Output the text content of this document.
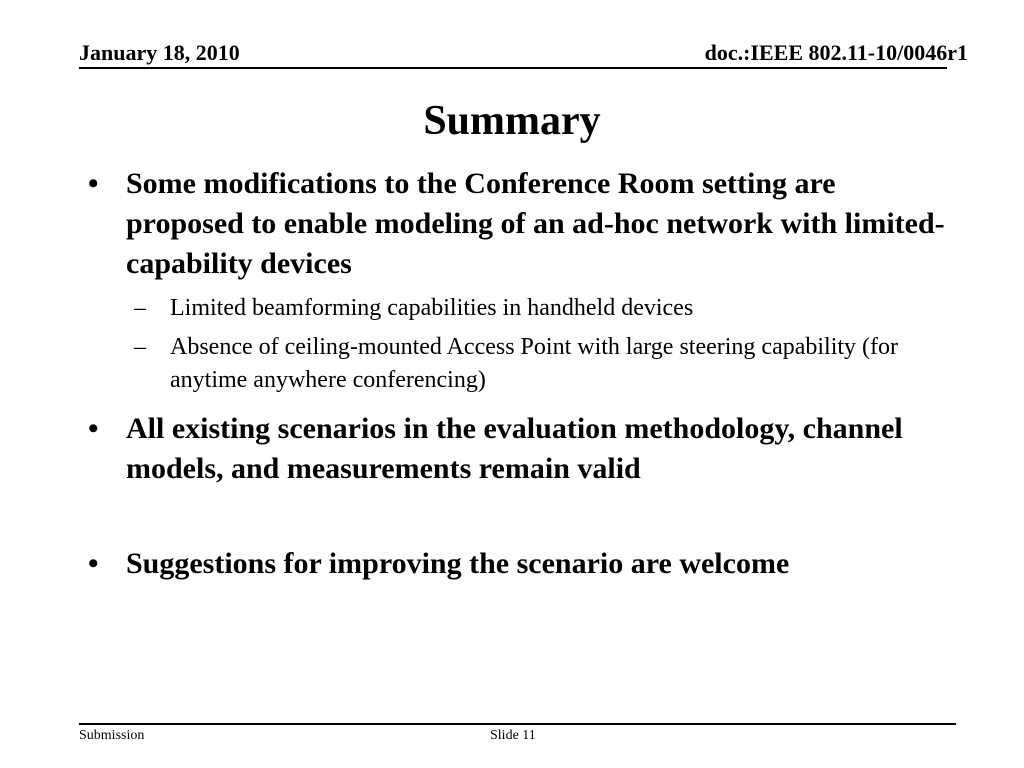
January 18, 2010	doc.:IEEE 802.11-10/0046r1
Summary
• Some modifications to the Conference Room setting are proposed to enable modeling of an ad-hoc network with limited-capability devices
– Limited beamforming capabilities in handheld devices
– Absence of ceiling-mounted Access Point with large steering capability (for anytime anywhere conferencing)
• All existing scenarios in the evaluation methodology, channel models, and measurements remain valid
• Suggestions for improving the scenario are welcome
Submission	Slide 11
